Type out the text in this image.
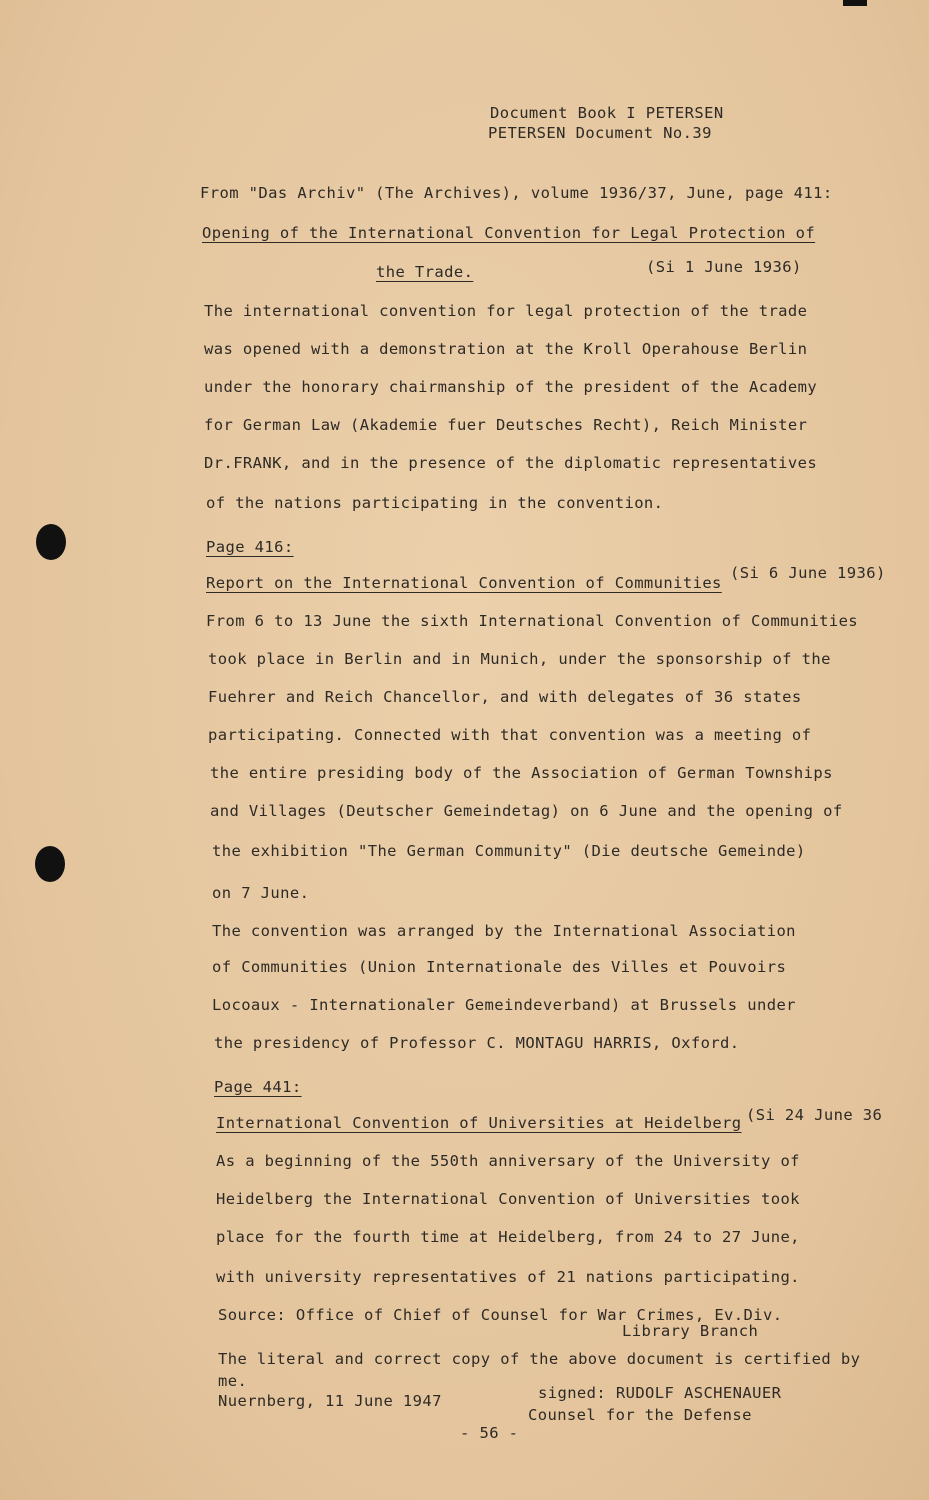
Document Book I PETERSEN
PETERSEN Document No.39
From "Das Archiv" (The Archives), volume 1936/37, June, page 411:
Opening of the International Convention for Legal Protection of
the Trade.	(Si 1 June 1936)
The international convention for legal protection of the trade
was opened with a demonstration at the Kroll Operahouse Berlin
under the honorary chairmanship of the president of the Academy
for German Law (Akademie fuer Deutsches Recht), Reich Minister
Dr.FRANK, and in the presence of the diplomatic representatives
of the nations participating in the convention.
Page 416:
Report on the International Convention of Communities
(Si 6 June 1936)
From 6 to 13 June the sixth International Convention of Communities
took place in Berlin and in Munich, under the sponsorship of the
Fuehrer and Reich Chancellor, and with delegates of 36 states
participating. Connected with that convention was a meeting of
the entire presiding body of the Association of German Townships
and Villages (Deutscher Gemeindetag) on 6 June and the opening of
the exhibition "The German Community" (Die deutsche Gemeinde)
on 7 June.
The convention was arranged by the International Association
of Communities (Union Internationale des Villes et Pouvoirs
Locoaux - Internationaler Gemeindeverband) at Brussels under
the presidency of Professor C. MONTAGU HARRIS, Oxford.
Page 441:
International Convention of Universities at Heidelberg (Si 24 June 36
As a beginning of the 550th anniversary of the University of
Heidelberg the International Convention of Universities took
place for the fourth time at Heidelberg, from 24 to 27 June,
with university representatives of 21 nations participating.
Source: Office of Chief of Counsel for War Crimes, Ev.Div.
Library Branch
The literal and correct copy of the above document is certified by
me.
Nuernberg, 11 June 1947	signed: RUDOLF ASCHENAUER
Counsel for the Defense
- 56 -
